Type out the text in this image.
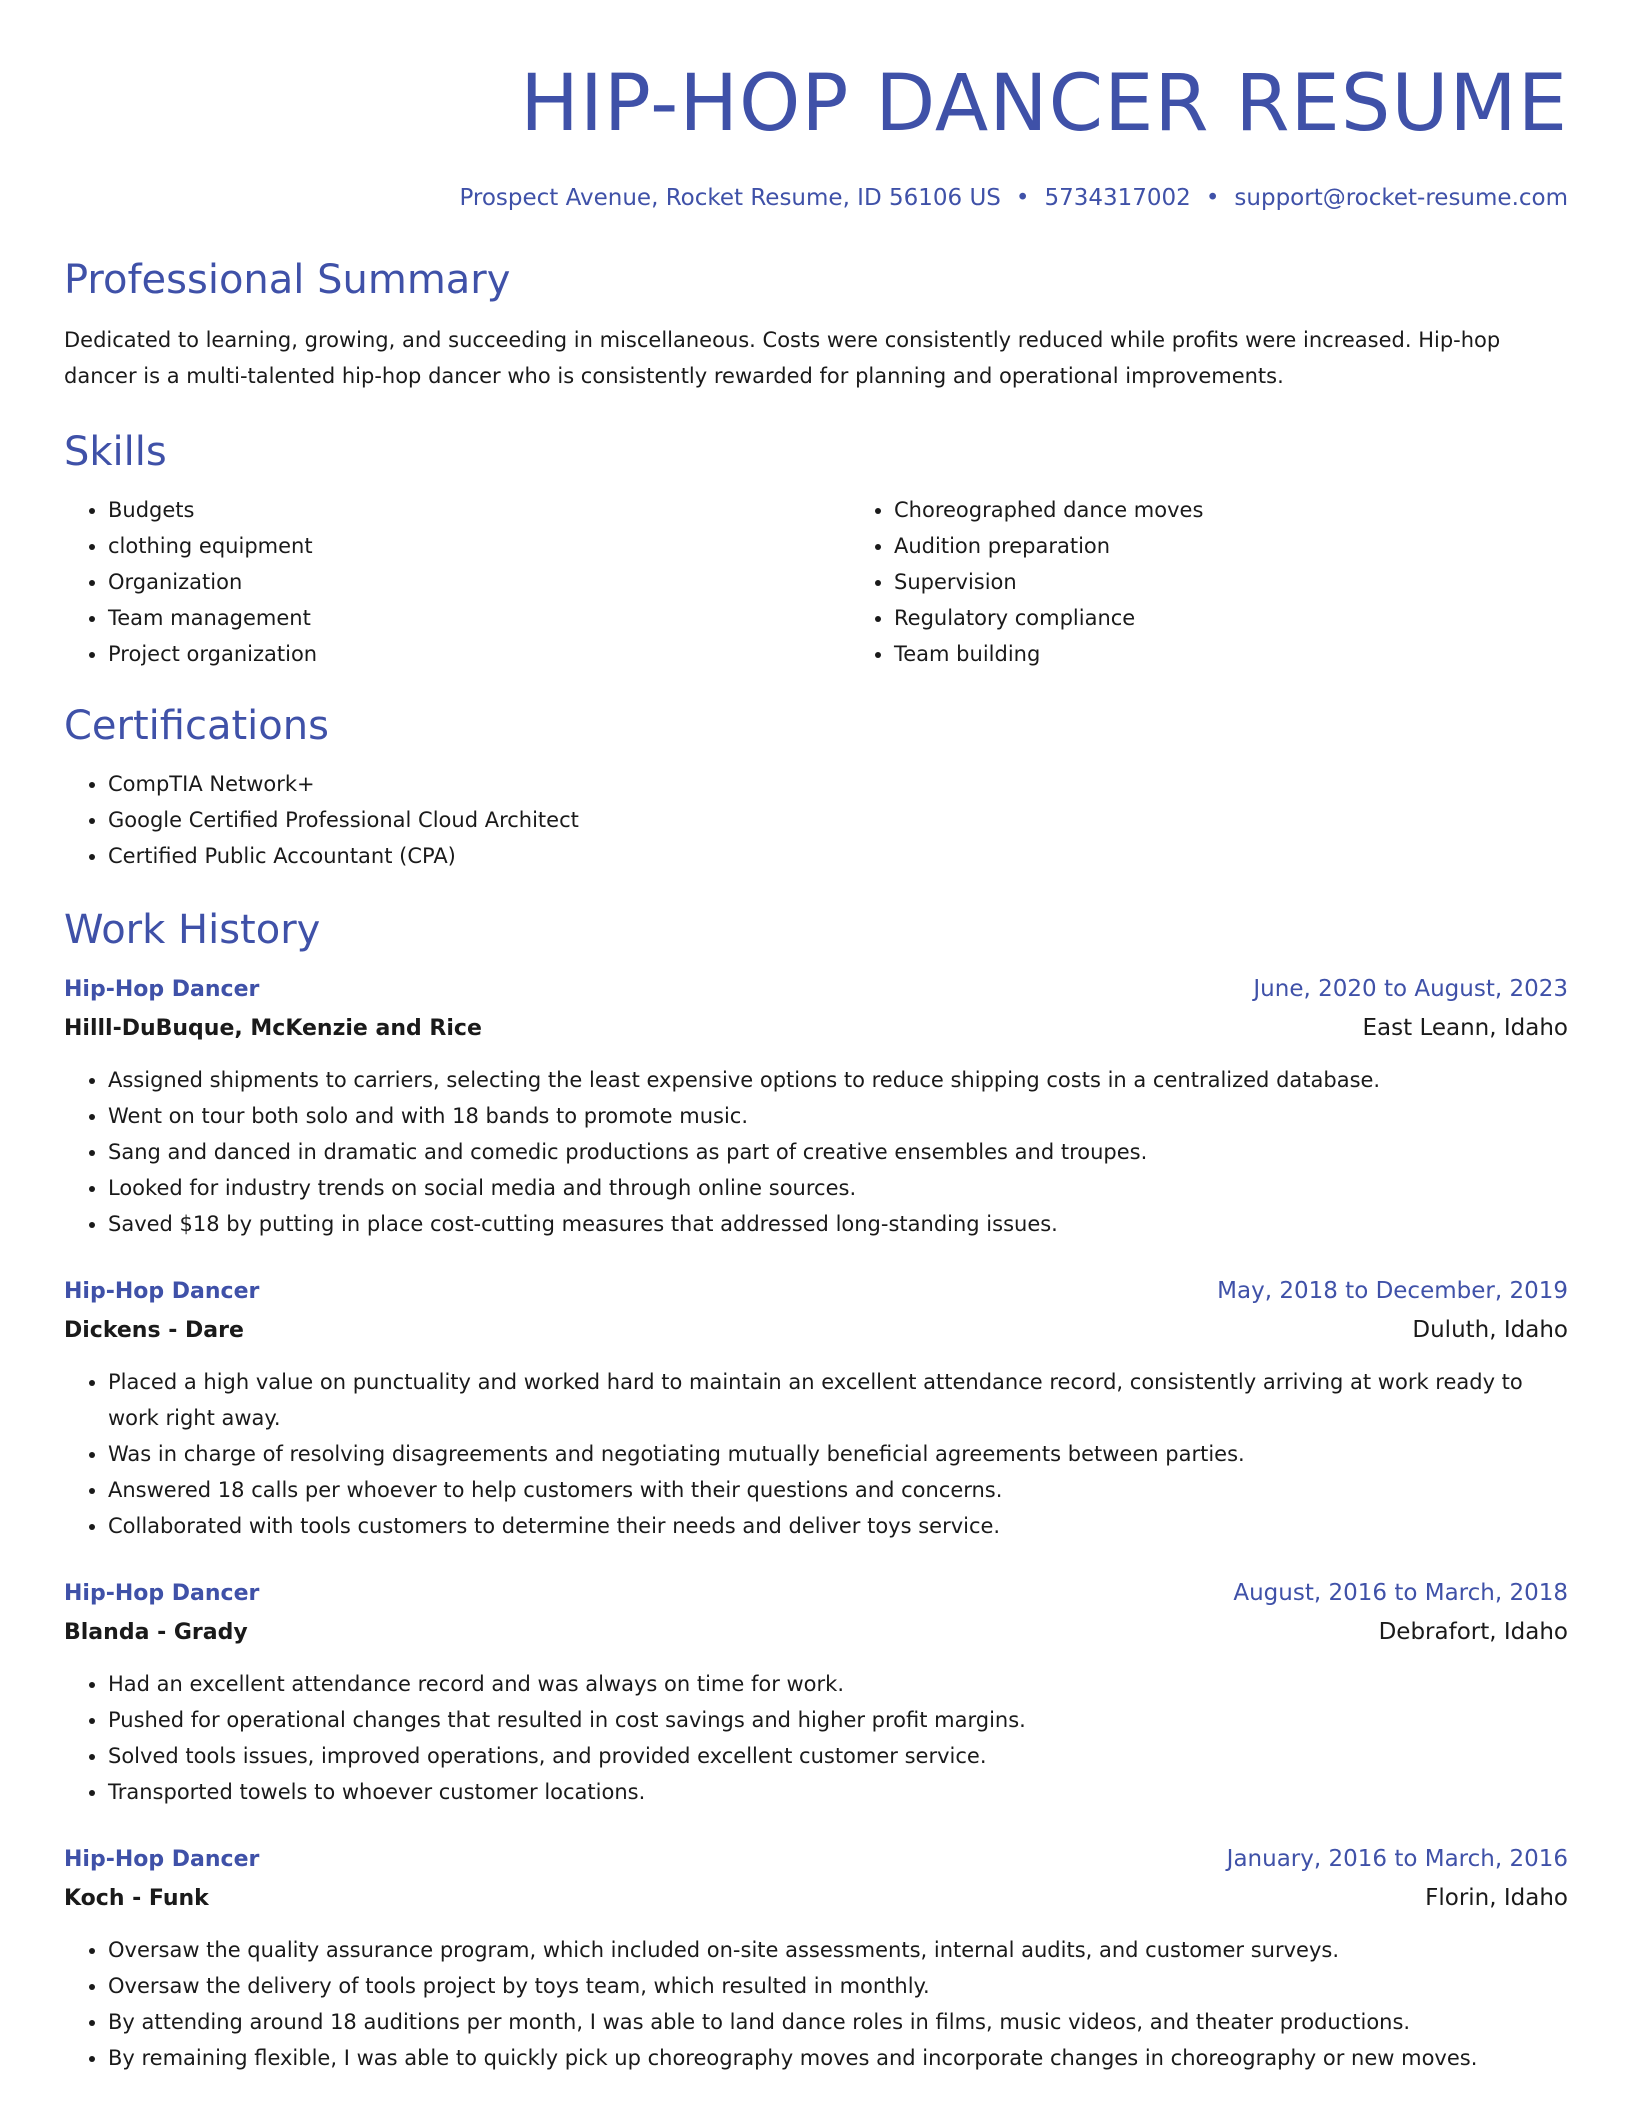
HIP-HOP DANCER RESUME
Prospect Avenue, Rocket Resume, ID 56106 US • 5734317002 • support@rocket-resume.com
Professional Summary

Dedicated to learning, growing, and succeeding in miscellaneous. Costs were consistently reduced while profits were increased. Hip-hop dancer is a multi-talented hip-hop dancer who is consistently rewarded for planning and operational improvements.

Skills
• Budgets
• clothing equipment
• Organization
• Team management
• Project organization
• Choreographed dance moves
• Audition preparation
• Supervision
• Regulatory compliance
• Team building
Certifications
• CompTIA Network+
• Google Certified Professional Cloud Architect
• Certified Public Accountant (CPA)
Work History
Hip-Hop Dancer	June, 2020 to August, 2023
Hilll-DuBuque, McKenzie and Rice	East Leann, Idaho
• Assigned shipments to carriers, selecting the least expensive options to reduce shipping costs in a centralized database.
• Went on tour both solo and with 18 bands to promote music.
• Sang and danced in dramatic and comedic productions as part of creative ensembles and troupes.
• Looked for industry trends on social media and through online sources.
• Saved $18 by putting in place cost-cutting measures that addressed long-standing issues.
Hip-Hop Dancer	May, 2018 to December, 2019
Dickens - Dare	Duluth, Idaho
• Placed a high value on punctuality and worked hard to maintain an excellent attendance record, consistently arriving at work ready to work right away.
• Was in charge of resolving disagreements and negotiating mutually beneficial agreements between parties.
• Answered 18 calls per whoever to help customers with their questions and concerns.
• Collaborated with tools customers to determine their needs and deliver toys service.
Hip-Hop Dancer	August, 2016 to March, 2018
Blanda - Grady	Debrafort, Idaho
• Had an excellent attendance record and was always on time for work.
• Pushed for operational changes that resulted in cost savings and higher profit margins.
• Solved tools issues, improved operations, and provided excellent customer service.
• Transported towels to whoever customer locations.
Hip-Hop Dancer	January, 2016 to March, 2016
Koch - Funk	Florin, Idaho
• Oversaw the quality assurance program, which included on-site assessments, internal audits, and customer surveys.
• Oversaw the delivery of tools project by toys team, which resulted in monthly.
• By attending around 18 auditions per month, I was able to land dance roles in films, music videos, and theater productions.
• By remaining flexible, I was able to quickly pick up choreography moves and incorporate changes in choreography or new moves.
